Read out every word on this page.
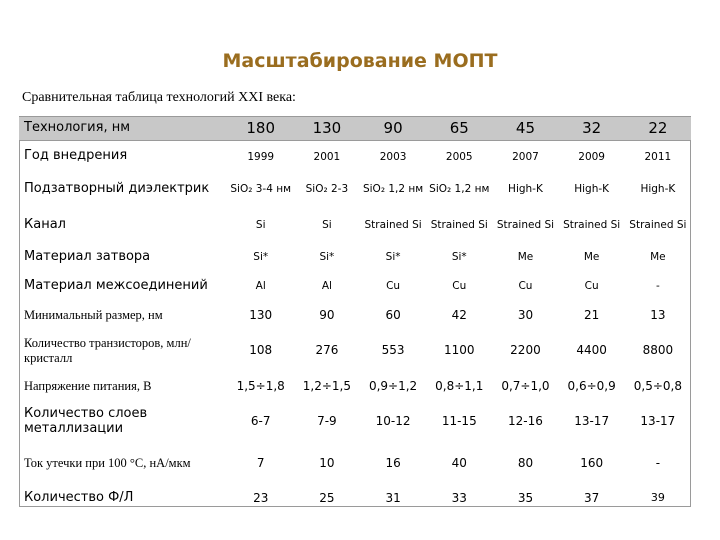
Масштабирование МОПТ
Сравнительная таблица технологий XXI века:
Технология, нм	180	130	90	65	45	32	22
Год внедрения	1999	2001	2003	2005	2007	2009	2011
Подзатворный диэлектрик	SiO₂ 3-4 нм	SiO₂ 2-3	SiO₂ 1,2 нм	SiO₂ 1,2 нм	High-K	High-K	High-K
Канал	Si	Si	Strained Si	Strained Si	Strained Si	Strained Si	Strained Si
Материал затвора	Si*	Si*	Si*	Si*	Me	Me	Me
Материал межсоединений	Al	Al	Cu	Cu	Cu	Cu	-
Минимальный размер, нм	130	90	60	42	30	21	13
Количество транзисторов, млн/кристалл	108	276	553	1100	2200	4400	8800
Напряжение питания, В	1,5÷1,8	1,2÷1,5	0,9÷1,2	0,8÷1,1	0,7÷1,0	0,6÷0,9	0,5÷0,8
Количество слоев металлизации	6-7	7-9	10-12	11-15	12-16	13-17	13-17
Ток утечки при 100 °С, нА/мкм	7	10	16	40	80	160	-
Количество Ф/Л	23	25	31	33	35	37	39
